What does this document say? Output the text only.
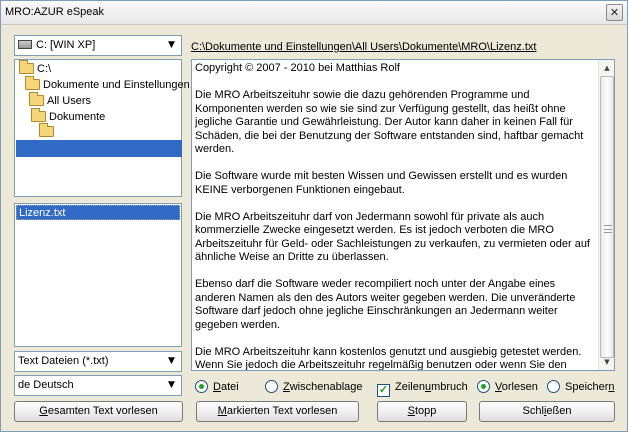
MRO:AZUR eSpeak	✕
C: [WIN XP]	▼
C:\
Dokumente und Einstellungen
All Users
Dokumente
MRO
Lizenz.txt
Text Dateien (*.txt)	▼
de Deutsch	▼
C:\Dokumente und Einstellungen\All Users\Dokumente\MRO\Lizenz.txt

Copyright © 2007 - 2010 bei Matthias Rolf

Die MRO Arbeitszeituhr sowie die dazu gehörenden Programme und Komponenten werden so wie sie sind zur Verfügung gestellt, das heißt ohne jegliche Garantie und Gewährleistung. Der Autor kann daher in keinen Fall für Schäden, die bei der Benutzung der Software entstanden sind, haftbar gemacht werden.

Die Software wurde mit besten Wissen und Gewissen erstellt und es wurden KEINE verborgenen Funktionen eingebaut.

Die MRO Arbeitszeituhr darf von Jedermann sowohl für private als auch kommerzielle Zwecke eingesetzt werden. Es ist jedoch verboten die MRO Arbeitszeituhr für Geld- oder Sachleistungen zu verkaufen, zu vermieten oder auf ähnliche Weise an Dritte zu überlassen.

Ebenso darf die Software weder recompiliert noch unter der Angabe eines anderen Namen als den des Autors weiter gegeben werden. Die unveränderte Software darf jedoch ohne jegliche Einschränkungen an Jedermann weiter gegeben werden.

Die MRO Arbeitszeituhr kann kostenlos genutzt und ausgiebig getestet werden. Wenn Sie jedoch die Arbeitszeituhr regelmäßig benutzen oder wenn Sie den

▲
▼
Datei	Zwischenablage ✓ Zeilenumbruch	Vorlesen	Speichern
Gesamten Text vorlesen	Markierten Text vorlesen	Stopp	Schließen
